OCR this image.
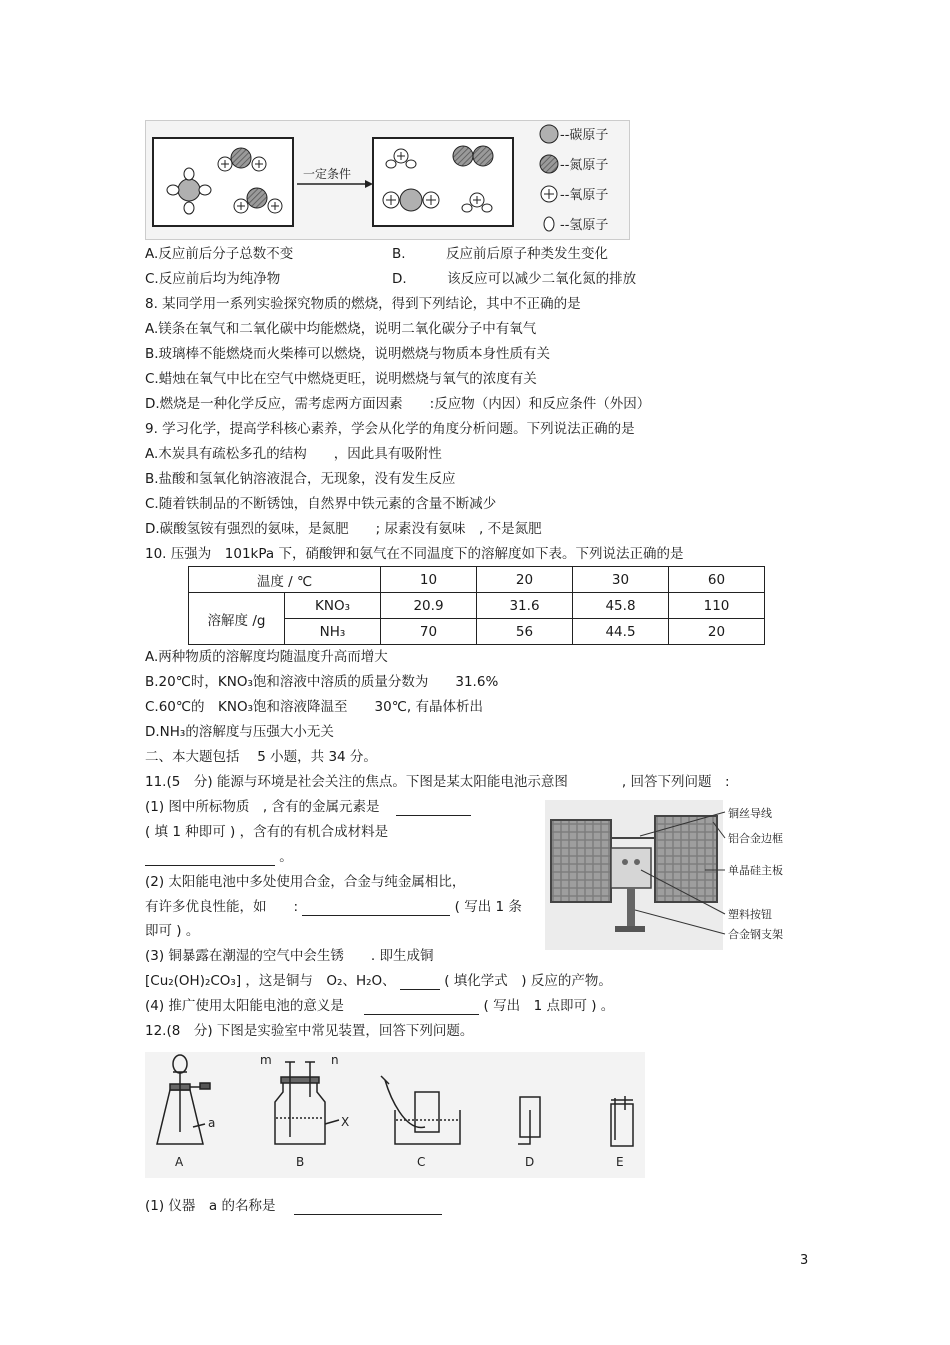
一定条件
--碳原子
--氮原子
--氧原子
--氢原子
A.反应前后分子总数不变	B.　　　反应前后原子种类发生变化
C.反应前后均为纯净物	D.　　　该反应可以减少二氧化氮的排放
8. 某同学用一系列实验探究物质的燃烧，得到下列结论，其中不正确的是
A.镁条在氧气和二氧化碳中均能燃烧，说明二氧化碳分子中有氧气
B.玻璃棒不能燃烧而火柴棒可以燃烧，说明燃烧与物质本身性质有关
C.蜡烛在氧气中比在空气中燃烧更旺，说明燃烧与氧气的浓度有关
D.燃烧是一种化学反应，需考虑两方面因素　　:反应物（内因）和反应条件（外因）
9. 学习化学，提高学科核心素养，学会从化学的角度分析问题。下列说法正确的是
A.木炭具有疏松多孔的结构　　，因此具有吸附性
B.盐酸和氢氧化钠溶液混合，无现象，没有发生反应
C.随着铁制品的不断锈蚀，自然界中铁元素的含量不断减少
D.碳酸氢铵有强烈的氨味，是氮肥　　; 尿素没有氨味　, 不是氮肥
10. 压强为　101kPa 下，硝酸钾和氨气在不同温度下的溶解度如下表。下列说法正确的是
温度 / ℃		10	20	30	60
溶解度 /g	KNO₃	20.9	31.6	45.8	110
	NH₃	70	56	44.5	20
A.两种物质的溶解度均随温度升高而增大
B.20℃时，KNO₃饱和溶液中溶质的质量分数为　　31.6%
C.60℃的　KNO₃饱和溶液降温至　　30℃, 有晶体析出
D.NH₃的溶解度与压强大小无关
二、本大题包括　 5 小题，共 34 分。
11.(5　分) 能源与环境是社会关注的焦点。下图是某太阳能电池示意图　　　　, 回答下列问题　:
(1) 图中所标物质　, 含有的金属元素是
( 填 1 种即可 ) ，含有的有机合成材料是
。
(2) 太阳能电池中多处使用合金，合金与纯金属相比，
有许多优良性能，如　　:	( 写出 1 条
即可 ) 。
(3) 铜暴露在潮湿的空气中会生锈　　. 即生成铜
[Cu₂(OH)₂CO₃] ，这是铜与　O₂、H₂O、	( 填化学式　) 反应的产物。
(4) 推广使用太阳能电池的意义是	( 写出　1 点即可 ) 。
铜丝导线
铝合金边框
单晶硅主板
塑料按钮
合金钢支架
12.(8　分) 下图是实验室中常见装置，回答下列问题。
a
A
m	n
X
B	C	D	E
(1) 仪器　a 的名称是
3
